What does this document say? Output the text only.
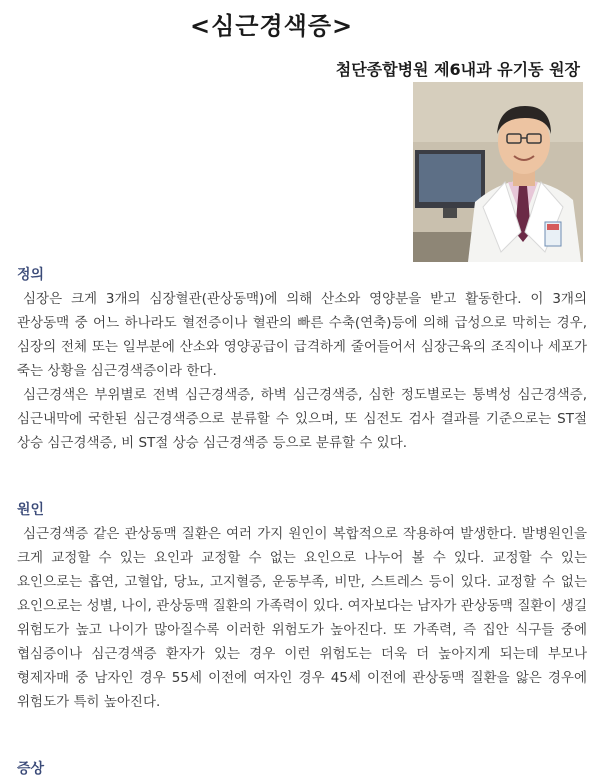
<심근경색증>
첨단종합병원 제6내과 유기동 원장
정의
심장은 크게 3개의 심장혈관(관상동맥)에 의해 산소와 영양분을 받고 활동한다. 이 3개의 관상동맥 중 어느 하나라도 혈전증이나 혈관의 빠른 수축(연축)등에 의해 급성으로 막히는 경우, 심장의 전체 또는 일부분에 산소와 영양공급이 급격하게 줄어들어서 심장근육의 조직이나 세포가 죽는 상황을 심근경색증이라 한다.
심근경색은 부위별로 전벽 심근경색증, 하벽 심근경색증, 심한 정도별로는 통벽성 심근경색증, 심근내막에 국한된 심근경색증으로 분류할 수 있으며, 또 심전도 검사 결과를 기준으로는 ST절 상승 심근경색증, 비 ST절 상승 심근경색증 등으로 분류할 수 있다.
원인
심근경색증 같은 관상동맥 질환은 여러 가지 원인이 복합적으로 작용하여 발생한다. 발병원인을 크게 교정할 수 있는 요인과 교정할 수 없는 요인으로 나누어 볼 수 있다. 교정할 수 있는 요인으로는 흡연, 고혈압, 당뇨, 고지혈증, 운동부족, 비만, 스트레스 등이 있다. 교정할 수 없는 요인으로는 성별, 나이, 관상동맥 질환의 가족력이 있다. 여자보다는 남자가 관상동맥 질환이 생길 위험도가 높고 나이가 많아질수록 이러한 위험도가 높아진다. 또 가족력, 즉 집안 식구들 중에 협심증이나 심근경색증 환자가 있는 경우 이런 위험도는 더욱 더 높아지게 되는데 부모나 형제자매 중 남자인 경우 55세 이전에 여자인 경우 45세 이전에 관상동맥 질환을 앓은 경우에 위험도가 특히 높아진다.
증상
